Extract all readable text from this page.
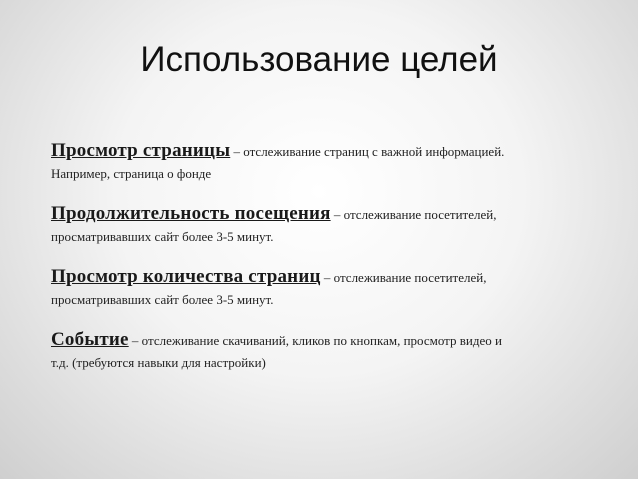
Использование целей
Просмотр страницы – отслеживание страниц с важной информацией.
Например, страница о фонде
Продолжительность посещения – отслеживание посетителей,
просматривавших сайт более 3-5 минут.
Просмотр количества страниц – отслеживание посетителей,
просматривавших сайт более 3-5 минут.
Событие – отслеживание скачиваний, кликов по кнопкам, просмотр видео и
т.д. (требуются навыки для настройки)
